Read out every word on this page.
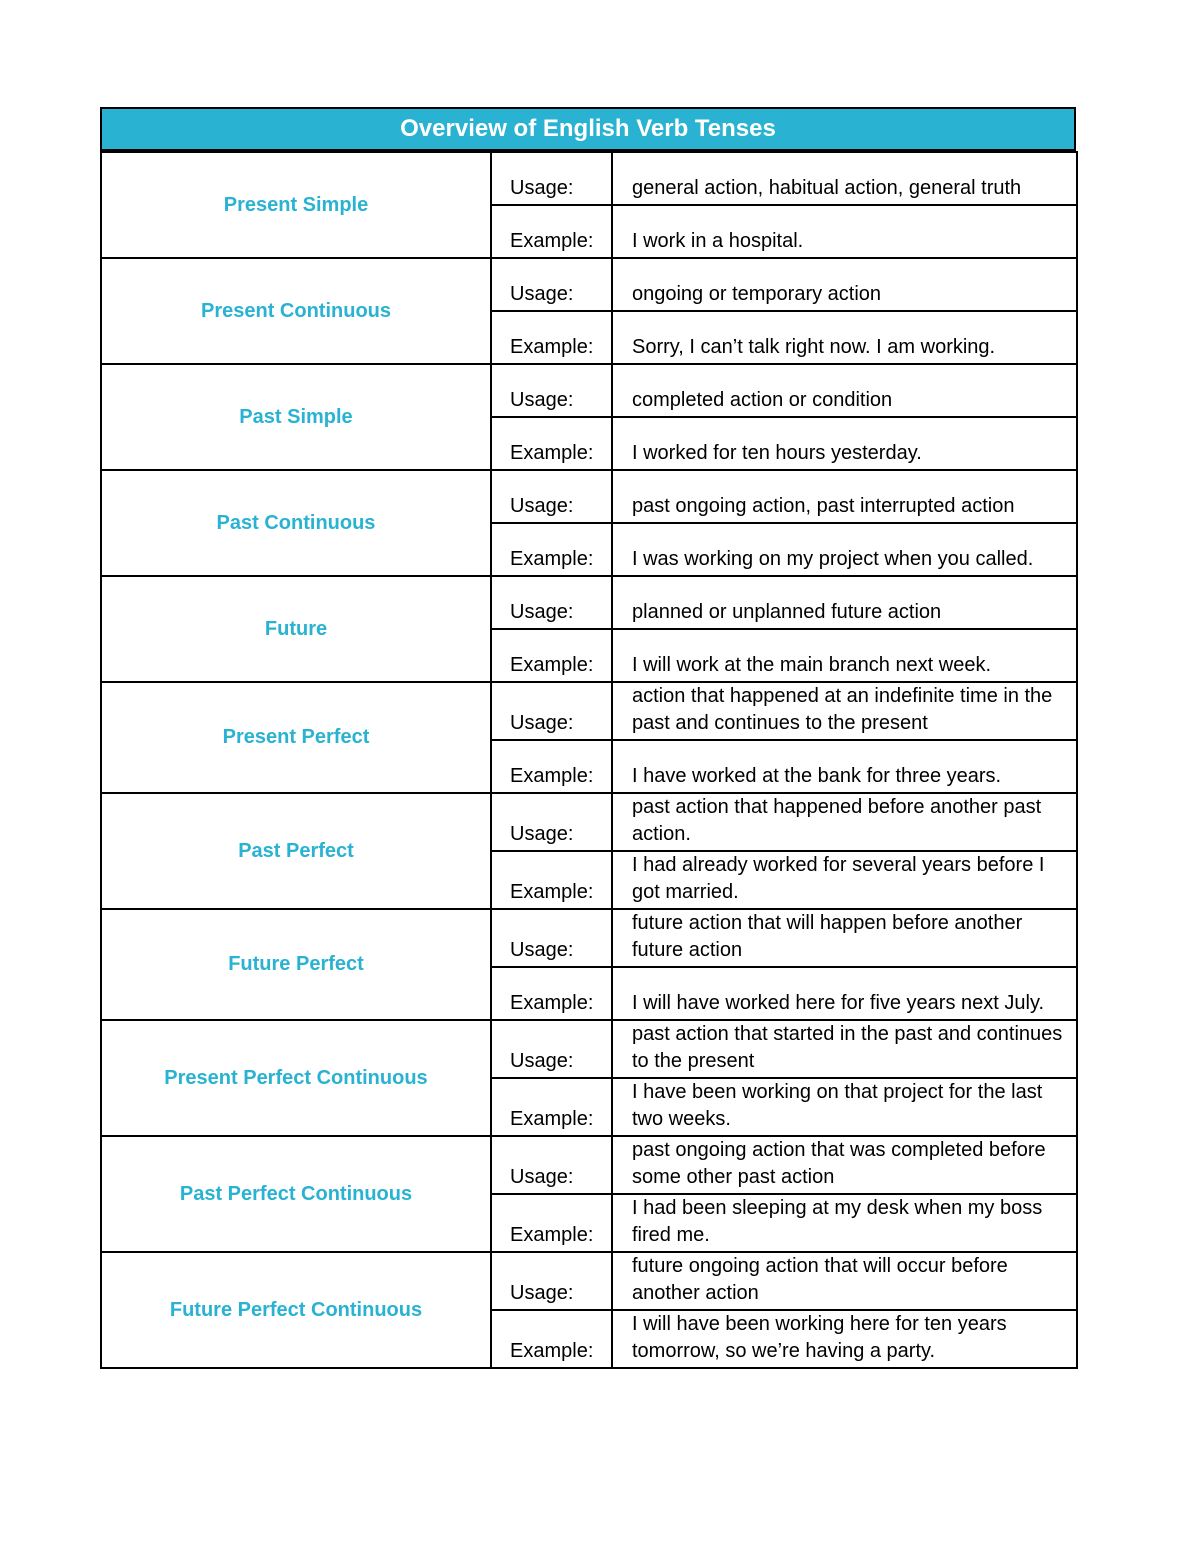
Overview of English Verb Tenses
Present Simple	Usage:	general action, habitual action, general truth
	Example:	I work in a hospital.
Present Continuous	Usage:	ongoing or temporary action
	Example:	Sorry, I can’t talk right now. I am working.
Past Simple	Usage:	completed action or condition
	Example:	I worked for ten hours yesterday.
Past Continuous	Usage:	past ongoing action, past interrupted action
	Example:	I was working on my project when you called.
Future	Usage:	planned or unplanned future action
	Example:	I will work at the main branch next week.
Present Perfect	Usage:	action that happened at an indefinite time in the past and continues to the present
	Example:	I have worked at the bank for three years.
Past Perfect	Usage:	past action that happened before another past action.
	Example:	I had already worked for several years before I got married.
Future Perfect	Usage:	future action that will happen before another future action
	Example:	I will have worked here for five years next July.
Present Perfect Continuous	Usage:	past action that started in the past and continues to the present
	Example:	I have been working on that project for the last two weeks.
Past Perfect Continuous	Usage:	past ongoing action that was completed before some other past action
	Example:	I had been sleeping at my desk when my boss fired me.
Future Perfect Continuous	Usage:	future ongoing action that will occur before another action
	Example:	I will have been working here for ten years tomorrow, so we’re having a party.
